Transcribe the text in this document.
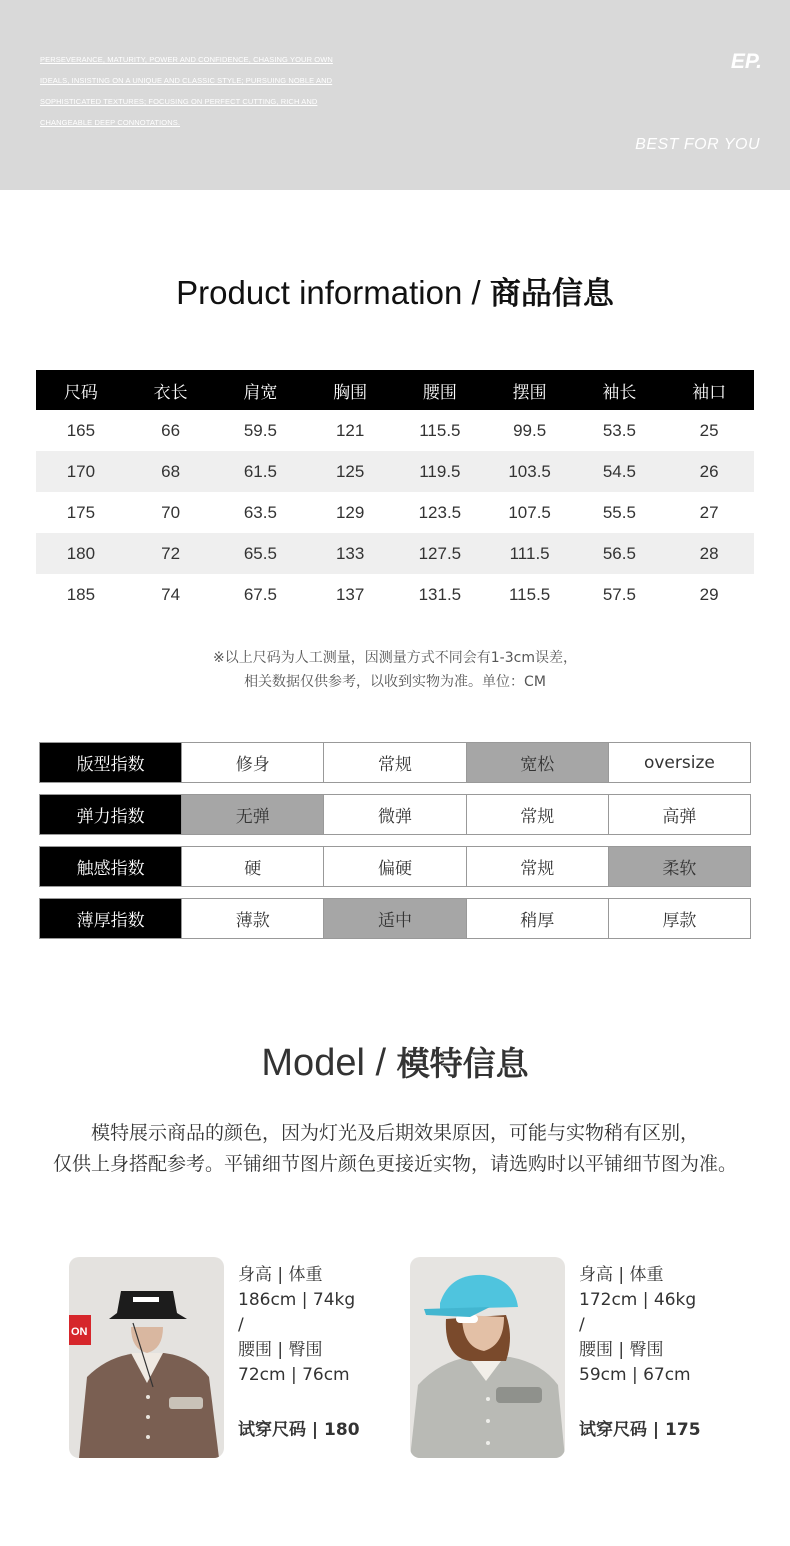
PERSEVERANCE, MATURITY, POWER AND CONFIDENCE, CHASING YOUR OWN
IDEALS, INSISTING ON A UNIQUE AND CLASSIC STYLE; PURSUING NOBLE AND
SOPHISTICATED TEXTURES; FOCUSING ON PERFECT CUTTING, RICH AND
CHANGEABLE DEEP CONNOTATIONS.
EP.
BEST FOR YOU
Product information / 商品信息
尺码	衣长	肩宽	胸围	腰围	摆围	袖长	袖口
165	66	59.5	121	115.5	99.5	53.5	25
170	68	61.5	125	119.5	103.5	54.5	26
175	70	63.5	129	123.5	107.5	55.5	27
180	72	65.5	133	127.5	111.5	56.5	28
185	74	67.5	137	131.5	115.5	57.5	29
※以上尺码为人工测量，因测量方式不同会有1-3cm误差，
相关数据仅供参考，以收到实物为准。单位：CM
版型指数	修身	常规	宽松	oversize
弹力指数	无弹	微弹	常规	高弹
触感指数	硬	偏硬	常规	柔软
薄厚指数	薄款	适中	稍厚	厚款
Model / 模特信息
模特展示商品的颜色，因为灯光及后期效果原因，可能与实物稍有区别，
仅供上身搭配参考。平铺细节图片颜色更接近实物，请选购时以平铺细节图为准。
ON
身高 | 体重
186cm | 74kg
/
腰围 | 臀围
72cm | 76cm
试穿尺码 | 180
身高 | 体重
172cm | 46kg
/
腰围 | 臀围
59cm | 67cm
试穿尺码 | 175
